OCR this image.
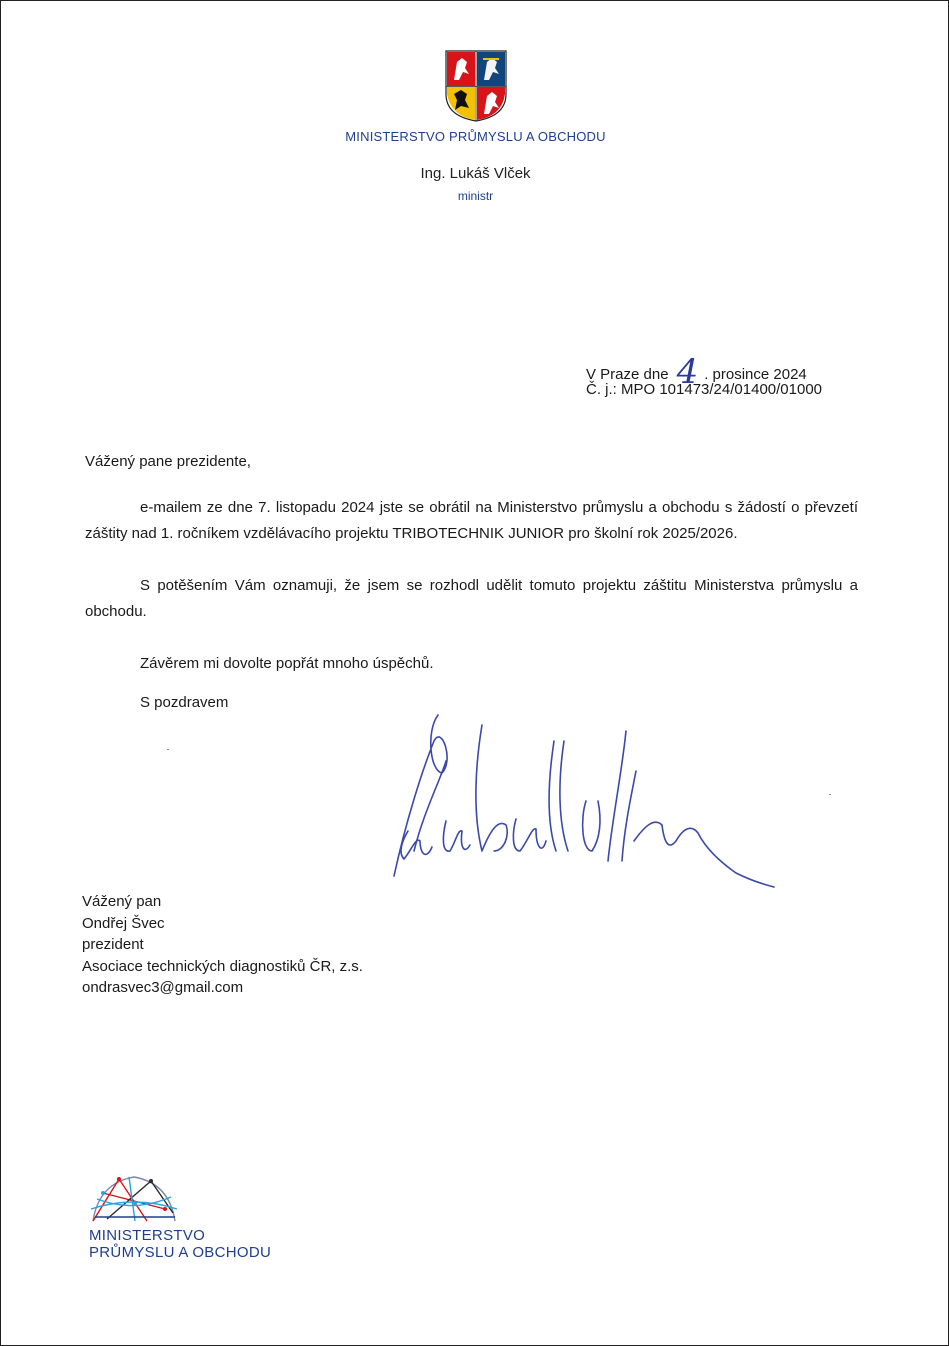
MINISTERSTVO PRŮMYSLU A OBCHODU
Ing. Lukáš Vlček
ministr
V Praze dne 4 . prosince 2024
Č. j.: MPO 101473/24/01400/01000
Vážený pane prezidente,
e-mailem ze dne 7. listopadu 2024 jste se obrátil na Ministerstvo průmyslu a obchodu s žádostí o převzetí záštity nad 1. ročníkem vzdělávacího projektu TRIBOTECHNIK JUNIOR pro školní rok 2025/2026.
S potěšením Vám oznamuji, že jsem se rozhodl udělit tomuto projektu záštitu Ministerstva průmyslu a obchodu.
Závěrem mi dovolte popřát mnoho úspěchů.
S pozdravem
Vážený pan
Ondřej Švec
prezident
Asociace technických diagnostiků ČR, z.s.
ondrasvec3@gmail.com
MINISTERSTVO
PRŮMYSLU A OBCHODU
